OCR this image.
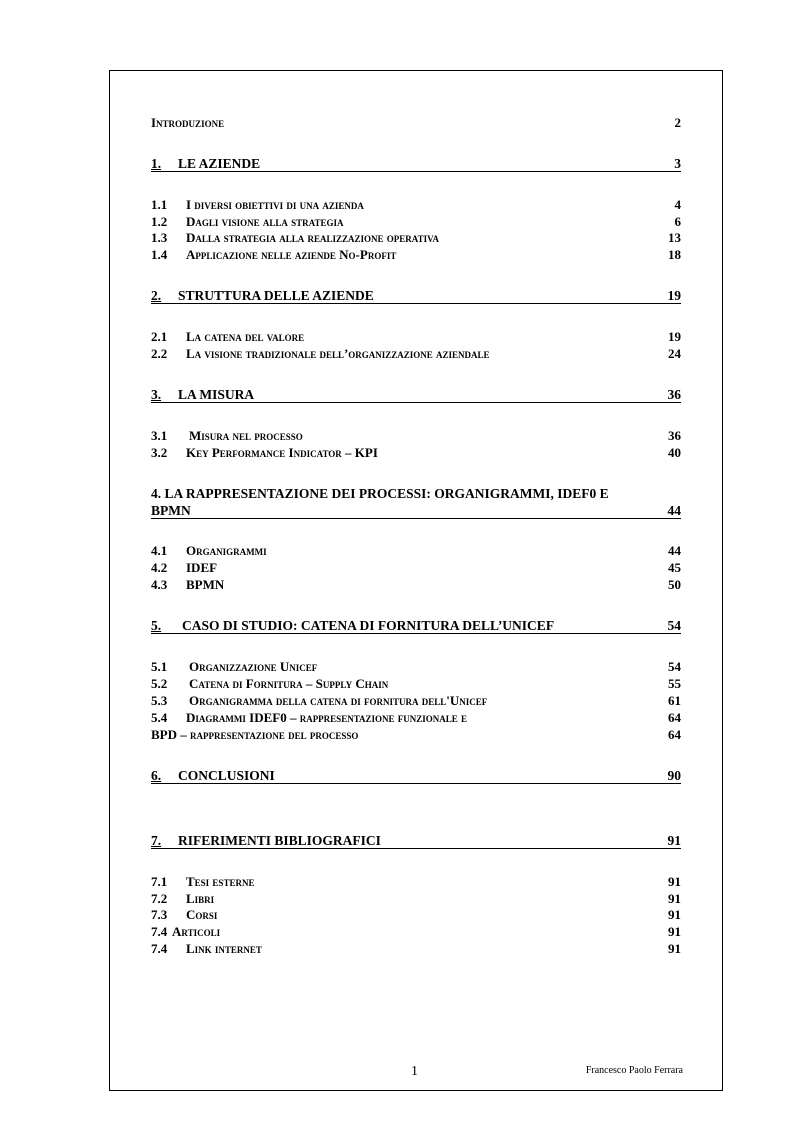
Introduzione	2
1. LE AZIENDE	3
1.1 I diversi obiettivi di una azienda	4
1.2 Dagli visione alla strategia	6
1.3 Dalla strategia alla realizzazione operativa	13
1.4 Applicazione nelle aziende No-Profit	18
2. STRUTTURA DELLE AZIENDE	19
2.1 La catena del valore	19
2.2 La visione tradizionale dell’organizzazione aziendale	24
3. LA MISURA	36
3.1 Misura nel processo	36
3.2 Key Performance Indicator – KPI	40
4. LA RAPPRESENTAZIONE DEI PROCESSI: ORGANIGRAMMI, IDEF0 E
BPMN	44
4.1 Organigrammi	44
4.2 IDEF	45
4.3 BPMN	50
5. CASO DI STUDIO: CATENA DI FORNITURA DELL’UNICEF	54
5.1 Organizzazione Unicef	54
5.2 Catena di Fornitura – Supply Chain	55
5.3 Organigramma della catena di fornitura dell'Unicef	61
5.4 Diagrammi IDEF0 – rappresentazione funzionale e	64
BPD – rappresentazione del processo	64
6. CONCLUSIONI	90
7. RIFERIMENTI BIBLIOGRAFICI	91
7.1 Tesi esterne	91
7.2 Libri	91
7.3 Corsi	91
7.4 Articoli	91
7.4 Link internet	91
1	Francesco Paolo Ferrara
